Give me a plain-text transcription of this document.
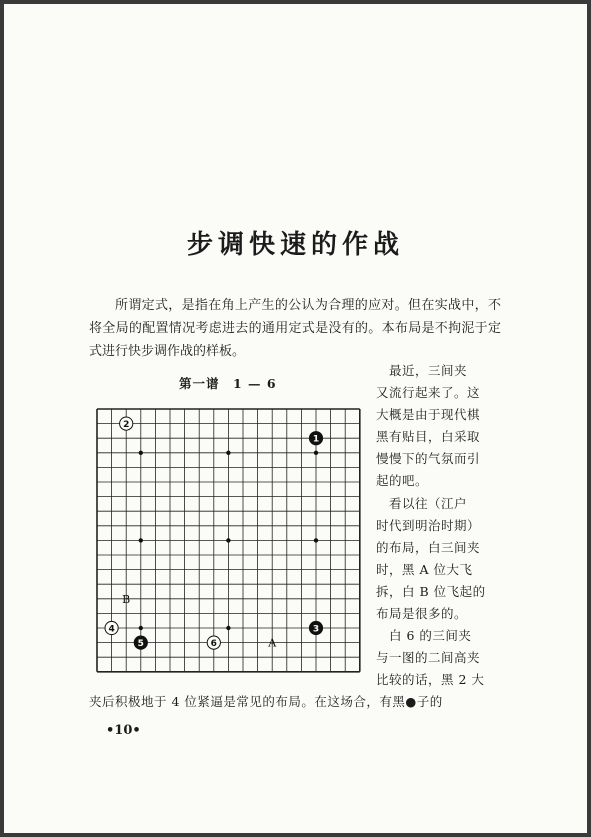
步调快速的作战
所谓定式，是指在角上产生的公认为合理的应对。但在实战中，不将全局的配置情况考虑进去的通用定式是没有的。本布局是不拘泥于定式进行快步调作战的样板。
第一谱　1 — 6
B
A
1
2
3
4
5	6
　最近，三间夹
又流行起来了。这
大概是由于现代棋
黑有贴目，白采取
慢慢下的气氛而引
起的吧。
　看以往（江户
时代到明治时期）
的布局，白三间夹
时，黑 A 位大飞
拆，白 B 位飞起的
布局是很多的。
　白 6 的三间夹
与一图的二间高夹
比较的话，黑 2 大
夹后积极地于 4 位紧逼是常见的布局。在这场合，有黑●子的
•10•
